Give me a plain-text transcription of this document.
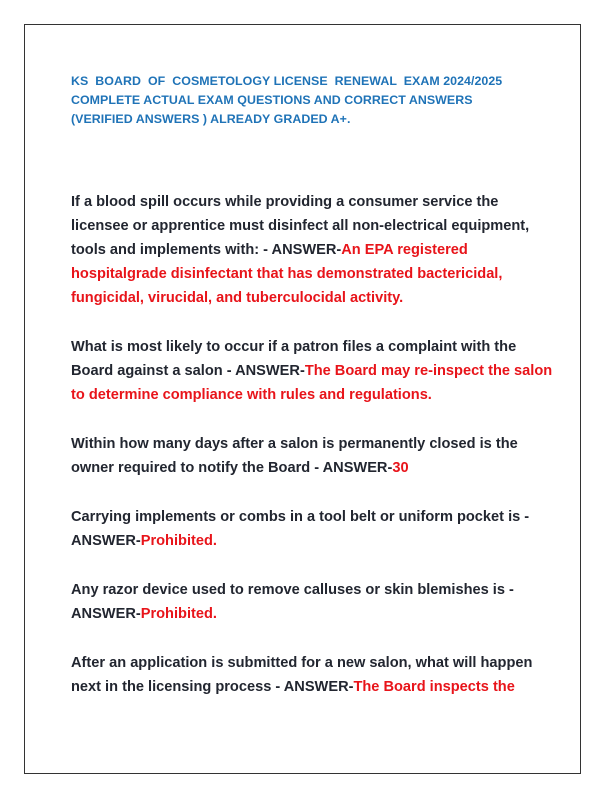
KS  BOARD  OF  COSMETOLOGY LICENSE  RENEWAL  EXAM 2024/2025
COMPLETE ACTUAL EXAM QUESTIONS AND CORRECT ANSWERS
(VERIFIED ANSWERS ) ALREADY GRADED A+.
If a blood spill occurs while providing a consumer service the
licensee or apprentice must disinfect all non-electrical equipment,
tools and implements with: - ANSWER-An EPA registered
hospitalgrade disinfectant that has demonstrated bactericidal,
fungicidal, virucidal, and tuberculocidal activity.
What is most likely to occur if a patron files a complaint with the
Board against a salon - ANSWER-The Board may re-inspect the salon
to determine compliance with rules and regulations.
Within how many days after a salon is permanently closed is the
owner required to notify the Board - ANSWER-30
Carrying implements or combs in a tool belt or uniform pocket is -
ANSWER-Prohibited.
Any razor device used to remove calluses or skin blemishes is -
ANSWER-Prohibited.
After an application is submitted for a new salon, what will happen
next in the licensing process - ANSWER-The Board inspects the
